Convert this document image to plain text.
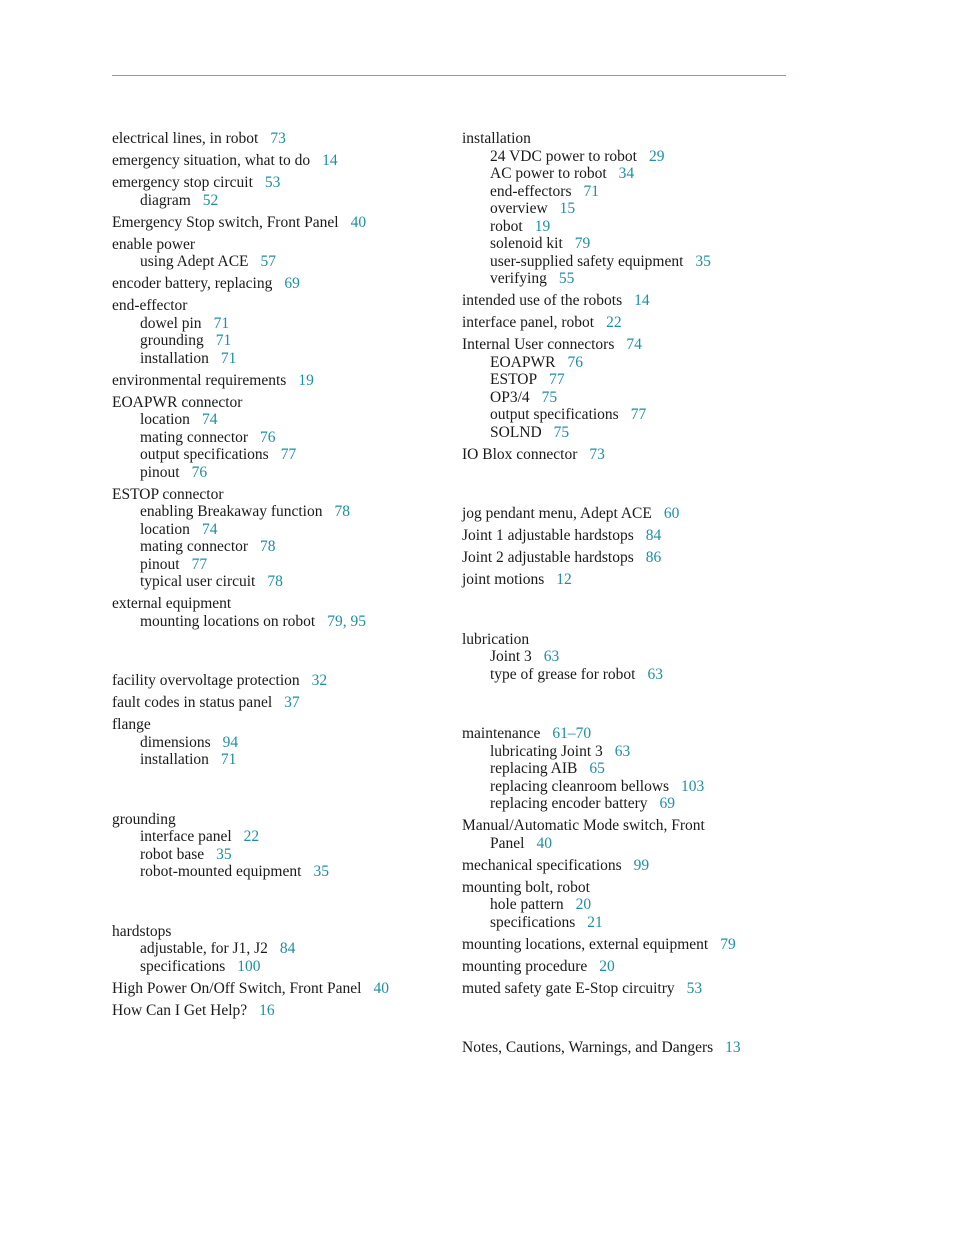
electrical lines, in robot 73
emergency situation, what to do 14
emergency stop circuit 53
diagram 52
Emergency Stop switch, Front Panel 40
enable power
using Adept ACE 57
encoder battery, replacing 69
end-effector
dowel pin 71
grounding 71
installation 71
environmental requirements 19
EOAPWR connector
location 74
mating connector 76
output specifications 77
pinout 76
ESTOP connector
enabling Breakaway function 78
location 74
mating connector 78
pinout 77
typical user circuit 78
external equipment
mounting locations on robot 79, 95
facility overvoltage protection 32
fault codes in status panel 37
flange
dimensions 94
installation 71
grounding
interface panel 22
robot base 35
robot-mounted equipment 35
hardstops
adjustable, for J1, J2 84
specifications 100
High Power On/Off Switch, Front Panel 40
How Can I Get Help? 16
installation
24 VDC power to robot 29
AC power to robot 34
end-effectors 71
overview 15
robot 19
solenoid kit 79
user-supplied safety equipment 35
verifying 55
intended use of the robots 14
interface panel, robot 22
Internal User connectors 74
EOAPWR 76
ESTOP 77
OP3/4 75
output specifications 77
SOLND 75
IO Blox connector 73
jog pendant menu, Adept ACE 60
Joint 1 adjustable hardstops 84
Joint 2 adjustable hardstops 86
joint motions 12
lubrication
Joint 3 63
type of grease for robot 63
maintenance 61–70
lubricating Joint 3 63
replacing AIB 65
replacing cleanroom bellows 103
replacing encoder battery 69
Manual/Automatic Mode switch, Front
Panel 40
mechanical specifications 99
mounting bolt, robot
hole pattern 20
specifications 21
mounting locations, external equipment 79
mounting procedure 20
muted safety gate E-Stop circuitry 53
Notes, Cautions, Warnings, and Dangers 13
